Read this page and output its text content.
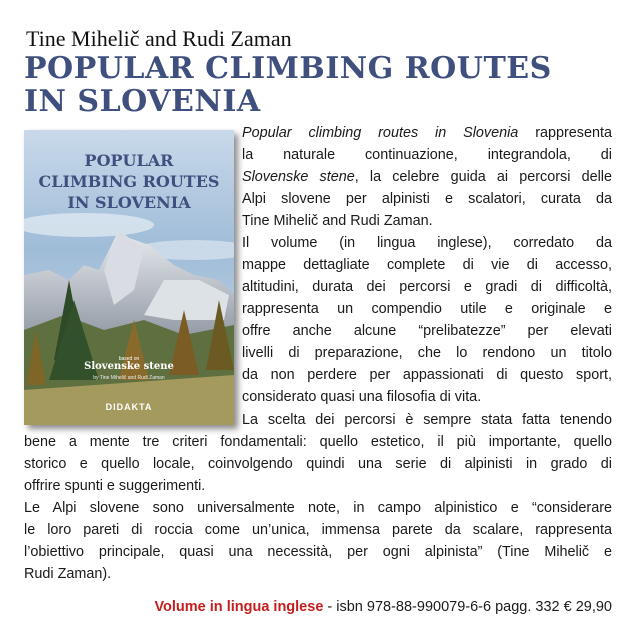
Tine Mihelič and Rudi Zaman
POPULAR CLIMBING ROUTES
IN SLOVENIA
POPULAR
CLIMBING ROUTES
IN SLOVENIA
based on
Slovenske stene
by Tine Mihelič and Rudi Zaman
DIDAKTA
Popular climbing routes in Slovenia rappresenta
la naturale continuazione, integrandola, di
Slovenske stene, la celebre guida ai percorsi delle
Alpi slovene per alpinisti e scalatori, curata da
Tine Mihelič and Rudi Zaman.
Il volume (in lingua inglese), corredato da
mappe dettagliate complete di vie di accesso,
altitudini, durata dei percorsi e gradi di difficoltà,
rappresenta un compendio utile e originale e
offre anche alcune “prelibatezze” per elevati
livelli di preparazione, che lo rendono un titolo
da non perdere per appassionati di questo sport,
considerato quasi una filosofia di vita.
La scelta dei percorsi è sempre stata fatta tenendo
bene a mente tre criteri fondamentali: quello estetico, il più importante, quello
storico e quello locale, coinvolgendo quindi una serie di alpinisti in grado di
offrire spunti e suggerimenti.
Le Alpi slovene sono universalmente note, in campo alpinistico e “considerare
le loro pareti di roccia come un’unica, immensa parete da scalare, rappresenta
l’obiettivo principale, quasi una necessità, per ogni alpinista” (Tine Mihelič e
Rudi Zaman).
Volume in lingua inglese - isbn 978-88-990079-6-6 pagg. 332 € 29,90
